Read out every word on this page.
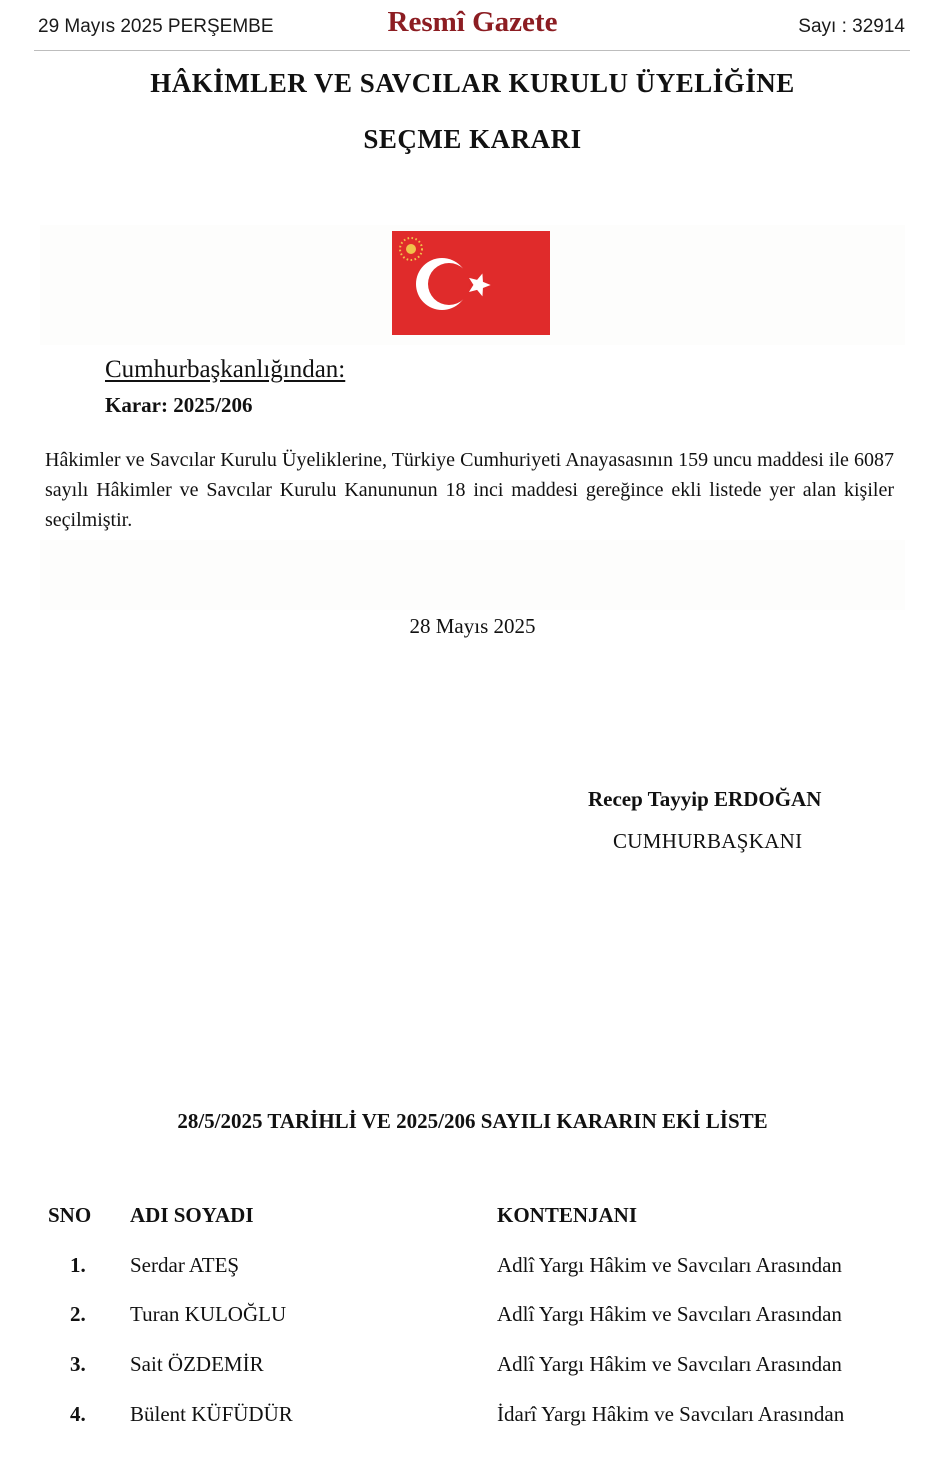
29 Mayıs 2025 PERŞEMBE	Resmî Gazete	Sayı : 32914
HÂKİMLER VE SAVCILAR KURULU ÜYELİĞİNE
SEÇME KARARI
Cumhurbaşkanlığından:
Karar: 2025/206
Hâkimler ve Savcılar Kurulu Üyeliklerine, Türkiye Cumhuriyeti Anayasasının 159 uncu maddesi ile 6087 sayılı Hâkimler ve Savcılar Kurulu Kanununun 18 inci maddesi gereğince ekli listede yer alan kişiler seçilmiştir.
28 Mayıs 2025
Recep Tayyip ERDOĞAN
CUMHURBAŞKANI
28/5/2025 TARİHLİ VE 2025/206 SAYILI KARARIN EKİ LİSTE
SNO ADI SOYADI	KONTENJANI
1. Serdar ATEŞ	Adlî Yargı Hâkim ve Savcıları Arasından
2. Turan KULOĞLU	Adlî Yargı Hâkim ve Savcıları Arasından
3. Sait ÖZDEMİR	Adlî Yargı Hâkim ve Savcıları Arasından
4. Bülent KÜFÜDÜR	İdarî Yargı Hâkim ve Savcıları Arasından
